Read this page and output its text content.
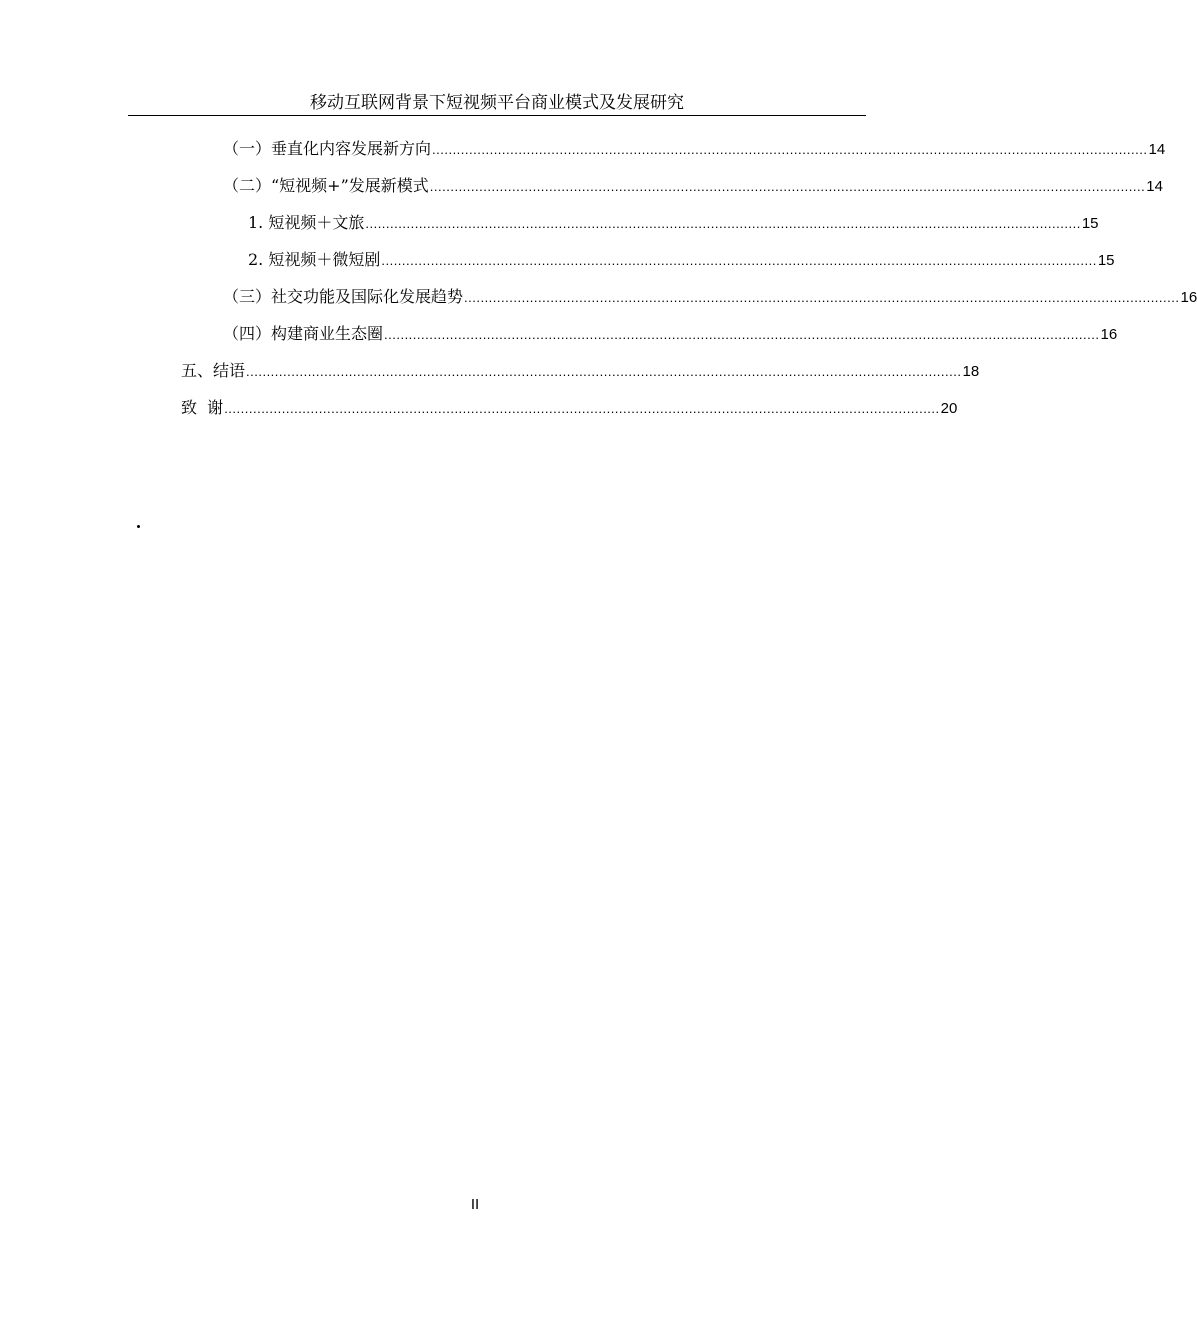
移动互联网背景下短视频平台商业模式及发展研究
（一）垂直化内容发展新方向 .............................................................................................................................................................................. 14
（二）“短视频+”发展新模式 .............................................................................................................................................................................. 14
1. 短视频＋文旅 .............................................................................................................................................................................. 15
2. 短视频＋微短剧 .............................................................................................................................................................................. 15
（三）社交功能及国际化发展趋势 .............................................................................................................................................................................. 16
（四）构建商业生态圈 .............................................................................................................................................................................. 16
五、结语 .............................................................................................................................................................................. 18
致  谢 .............................................................................................................................................................................. 20
II
